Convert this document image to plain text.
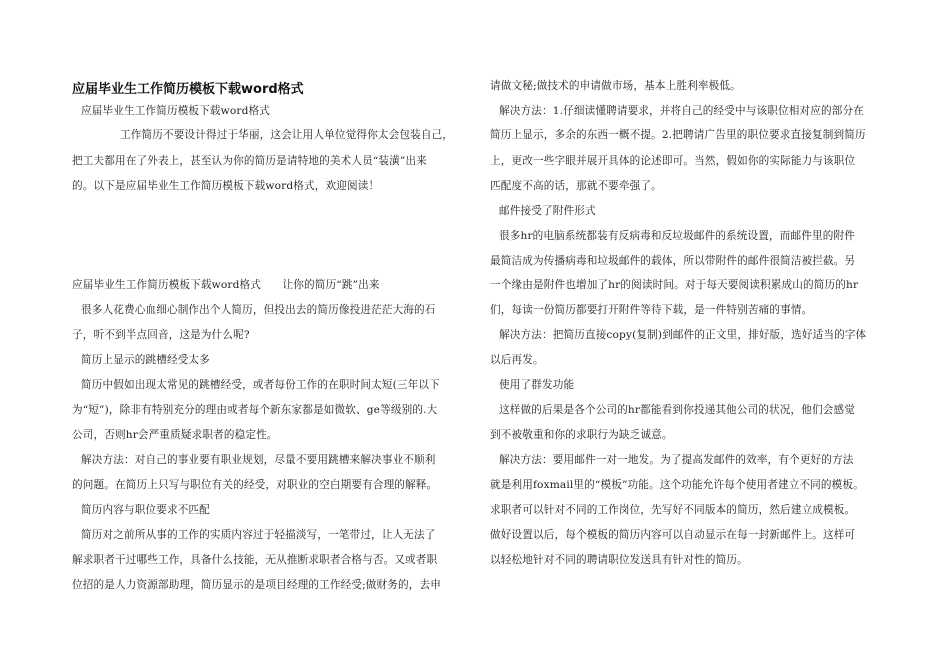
应届毕业生工作简历模板下载word格式
应届毕业生工作简历模板下载word格式
工作简历不要设计得过于华丽，这会让用人单位觉得你太会包装自己，
把工夫都用在了外表上，甚至认为你的简历是请特地的美术人员“装潢”出来
的。以下是应届毕业生工作简历模板下载word格式，欢迎阅读！
应届毕业生工作简历模板下载word格式　　让你的简历“跳”出来
很多人花费心血细心制作出个人简历，但投出去的简历像投进茫茫大海的石
子，听不到半点回音，这是为什么呢?
简历上显示的跳槽经受太多
简历中假如出现太常见的跳槽经受，或者每份工作的在职时间太短(三年以下
为“短”)，除非有特别充分的理由或者每个新东家都是如微软、ge等级别的.大
公司，否则hr会严重质疑求职者的稳定性。
解决方法：对自己的事业要有职业规划，尽量不要用跳槽来解决事业不顺利
的问题。在简历上只写与职位有关的经受，对职业的空白期要有合理的解释。
简历内容与职位要求不匹配
简历对之前所从事的工作的实质内容过于轻描淡写，一笔带过，让人无法了
解求职者干过哪些工作，具备什么技能，无从推断求职者合格与否。又或者职
位招的是人力资源部助理，简历显示的是项目经理的工作经受;做财务的，去申
请做文秘;做技术的申请做市场，基本上胜利率极低。
解决方法：1.仔细读懂聘请要求，并将自己的经受中与该职位相对应的部分在
简历上显示，多余的东西一概不提。2.把聘请广告里的职位要求直接复制到简历
上，更改一些字眼并展开具体的论述即可。当然，假如你的实际能力与该职位
匹配度不高的话，那就不要牵强了。
邮件接受了附件形式
很多hr的电脑系统都装有反病毒和反垃圾邮件的系统设置，而邮件里的附件
最简洁成为传播病毒和垃圾邮件的载体，所以带附件的邮件很简洁被拦截。另
一个缘由是附件也增加了hr的阅读时间。对于每天要阅读积累成山的简历的hr
们，每读一份简历都要打开附件等待下载，是一件特别苦痛的事情。
解决方法：把简历直接copy(复制)到邮件的正文里，排好版，选好适当的字体
以后再发。
使用了群发功能
这样做的后果是各个公司的hr都能看到你投递其他公司的状况，他们会感觉
到不被敬重和你的求职行为缺乏诚意。
解决方法：要用邮件一对一地发。为了提高发邮件的效率，有个更好的方法
就是利用foxmail里的“模板”功能。这个功能允许每个使用者建立不同的模板。
求职者可以针对不同的工作岗位，先写好不同版本的简历，然后建立成模板。
做好设置以后，每个模板的简历内容可以自动显示在每一封新邮件上。这样可
以轻松地针对不同的聘请职位发送具有针对性的简历。
